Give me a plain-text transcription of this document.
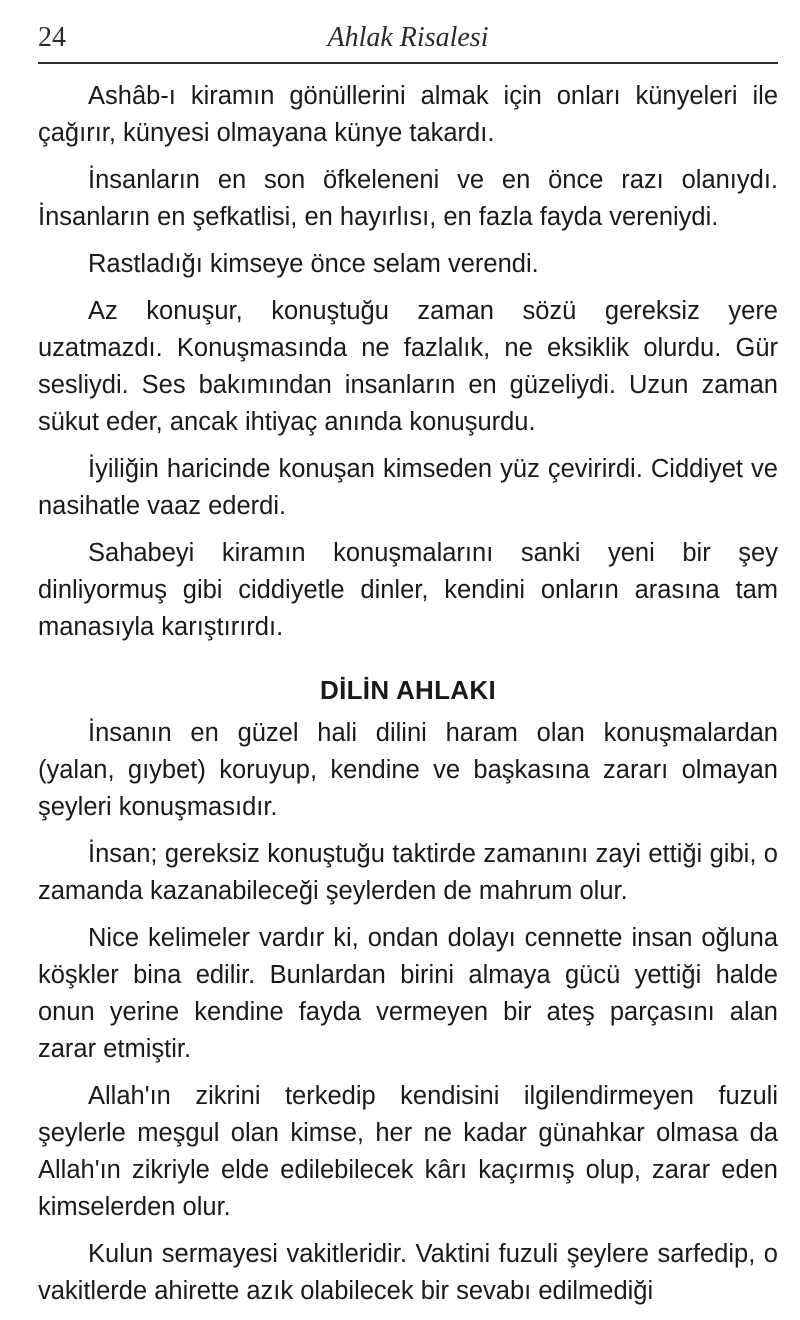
24	Ahlak Risalesi

Ashâb-ı kiramın gönüllerini almak için onları künyeleri ile çağırır, künyesi olmayana künye takardı.

İnsanların en son öfkeleneni ve en önce razı olanıydı. İnsanların en şefkatlisi, en hayırlısı, en fazla fayda vereniydi.

Rastladığı kimseye önce selam verendi.

Az konuşur, konuştuğu zaman sözü gereksiz yere uzatmazdı. Konuşmasında ne fazlalık, ne eksiklik olurdu. Gür sesliydi. Ses bakımından insanların en güzeliydi. Uzun zaman sükut eder, ancak ihtiyaç anında konuşurdu.

İyiliğin haricinde konuşan kimseden yüz çevirirdi. Ciddiyet ve nasihatle vaaz ederdi.

Sahabeyi kiramın konuşmalarını sanki yeni bir şey dinliyormuş gibi ciddiyetle dinler, kendini onların arasına tam manasıyla karıştırırdı.

DİLİN AHLAKI

İnsanın en güzel hali dilini haram olan konuşmalardan (yalan, gıybet) koruyup, kendine ve başkasına zararı olmayan şeyleri konuşmasıdır.

İnsan; gereksiz konuştuğu taktirde zamanını zayi ettiği gibi, o zamanda kazanabileceği şeylerden de mahrum olur.

Nice kelimeler vardır ki, ondan dolayı cennette insan oğluna köşkler bina edilir. Bunlardan birini almaya gücü yettiği halde onun yerine kendine fayda vermeyen bir ateş parçasını alan zarar etmiştir.

Allah'ın zikrini terkedip kendisini ilgilendirmeyen fuzuli şeylerle meşgul olan kimse, her ne kadar günahkar olmasa da Allah'ın zikriyle elde edilebilecek kârı kaçırmış olup, zarar eden kimselerden olur.

Kulun sermayesi vakitleridir. Vaktini fuzuli şeylere sarfedip, o vakitlerde ahirette azık olabilecek bir sevabı edilmediği
